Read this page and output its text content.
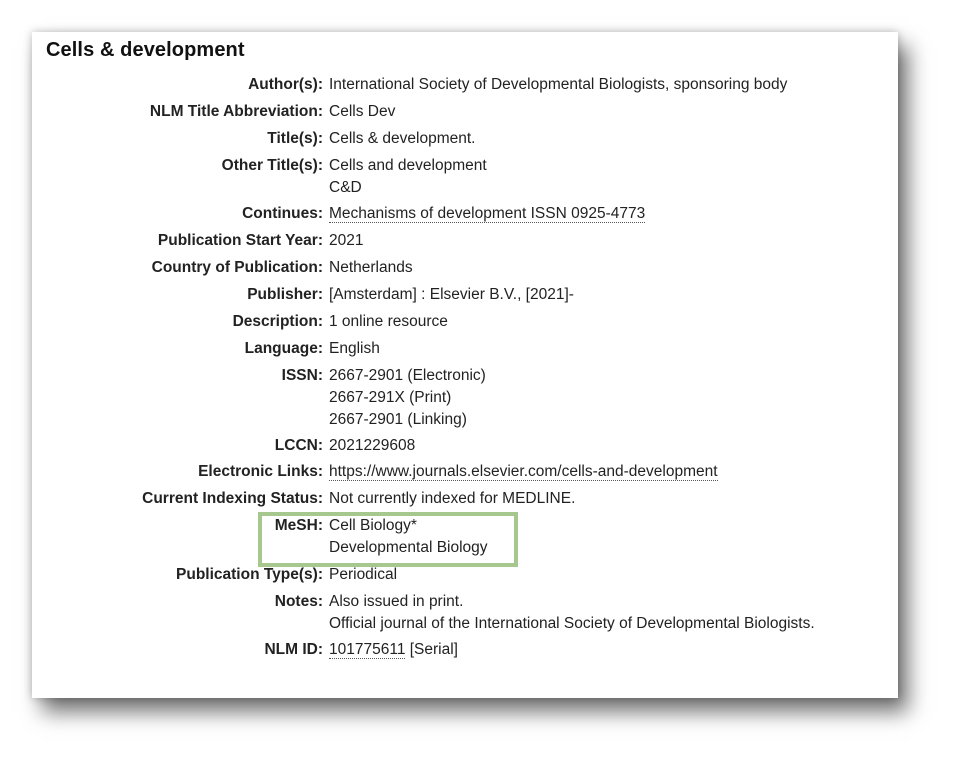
Cells & development
Author(s): International Society of Developmental Biologists, sponsoring body
NLM Title Abbreviation: Cells Dev
Title(s): Cells & development.
Other Title(s): Cells and development
C&D
Continues: Mechanisms of development ISSN 0925-4773
Publication Start Year: 2021
Country of Publication: Netherlands
Publisher: [Amsterdam] : Elsevier B.V., [2021]-
Description: 1 online resource
Language: English
ISSN: 2667-2901 (Electronic)
2667-291X (Print)
2667-2901 (Linking)
LCCN: 2021229608
Electronic Links: https://www.journals.elsevier.com/cells-and-development
Current Indexing Status: Not currently indexed for MEDLINE.
MeSH: Cell Biology*
Developmental Biology
Publication Type(s): Periodical
Notes: Also issued in print.
Official journal of the International Society of Developmental Biologists.
NLM ID: 101775611 [Serial]
